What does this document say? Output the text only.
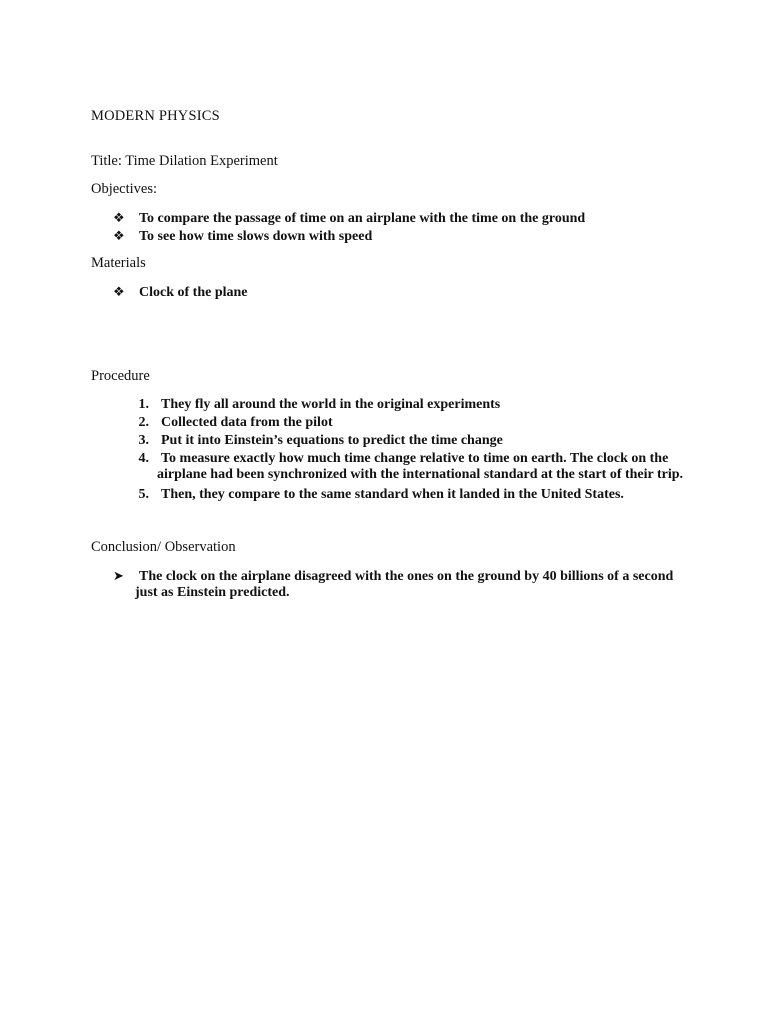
MODERN PHYSICS
Title: Time Dilation Experiment
Objectives:
❖ To compare the passage of time on an airplane with the time on the ground
❖ To see how time slows down with speed
Materials
❖ Clock of the plane
Procedure
1. They fly all around the world in the original experiments
2. Collected data from the pilot
3. Put it into Einstein’s equations to predict the time change
4. To measure exactly how much time change relative to time on earth. The clock on the
airplane had been synchronized with the international standard at the start of their trip.
5. Then, they compare to the same standard when it landed in the United States.
Conclusion/ Observation
➤ The clock on the airplane disagreed with the ones on the ground by 40 billions of a second
just as Einstein predicted.
